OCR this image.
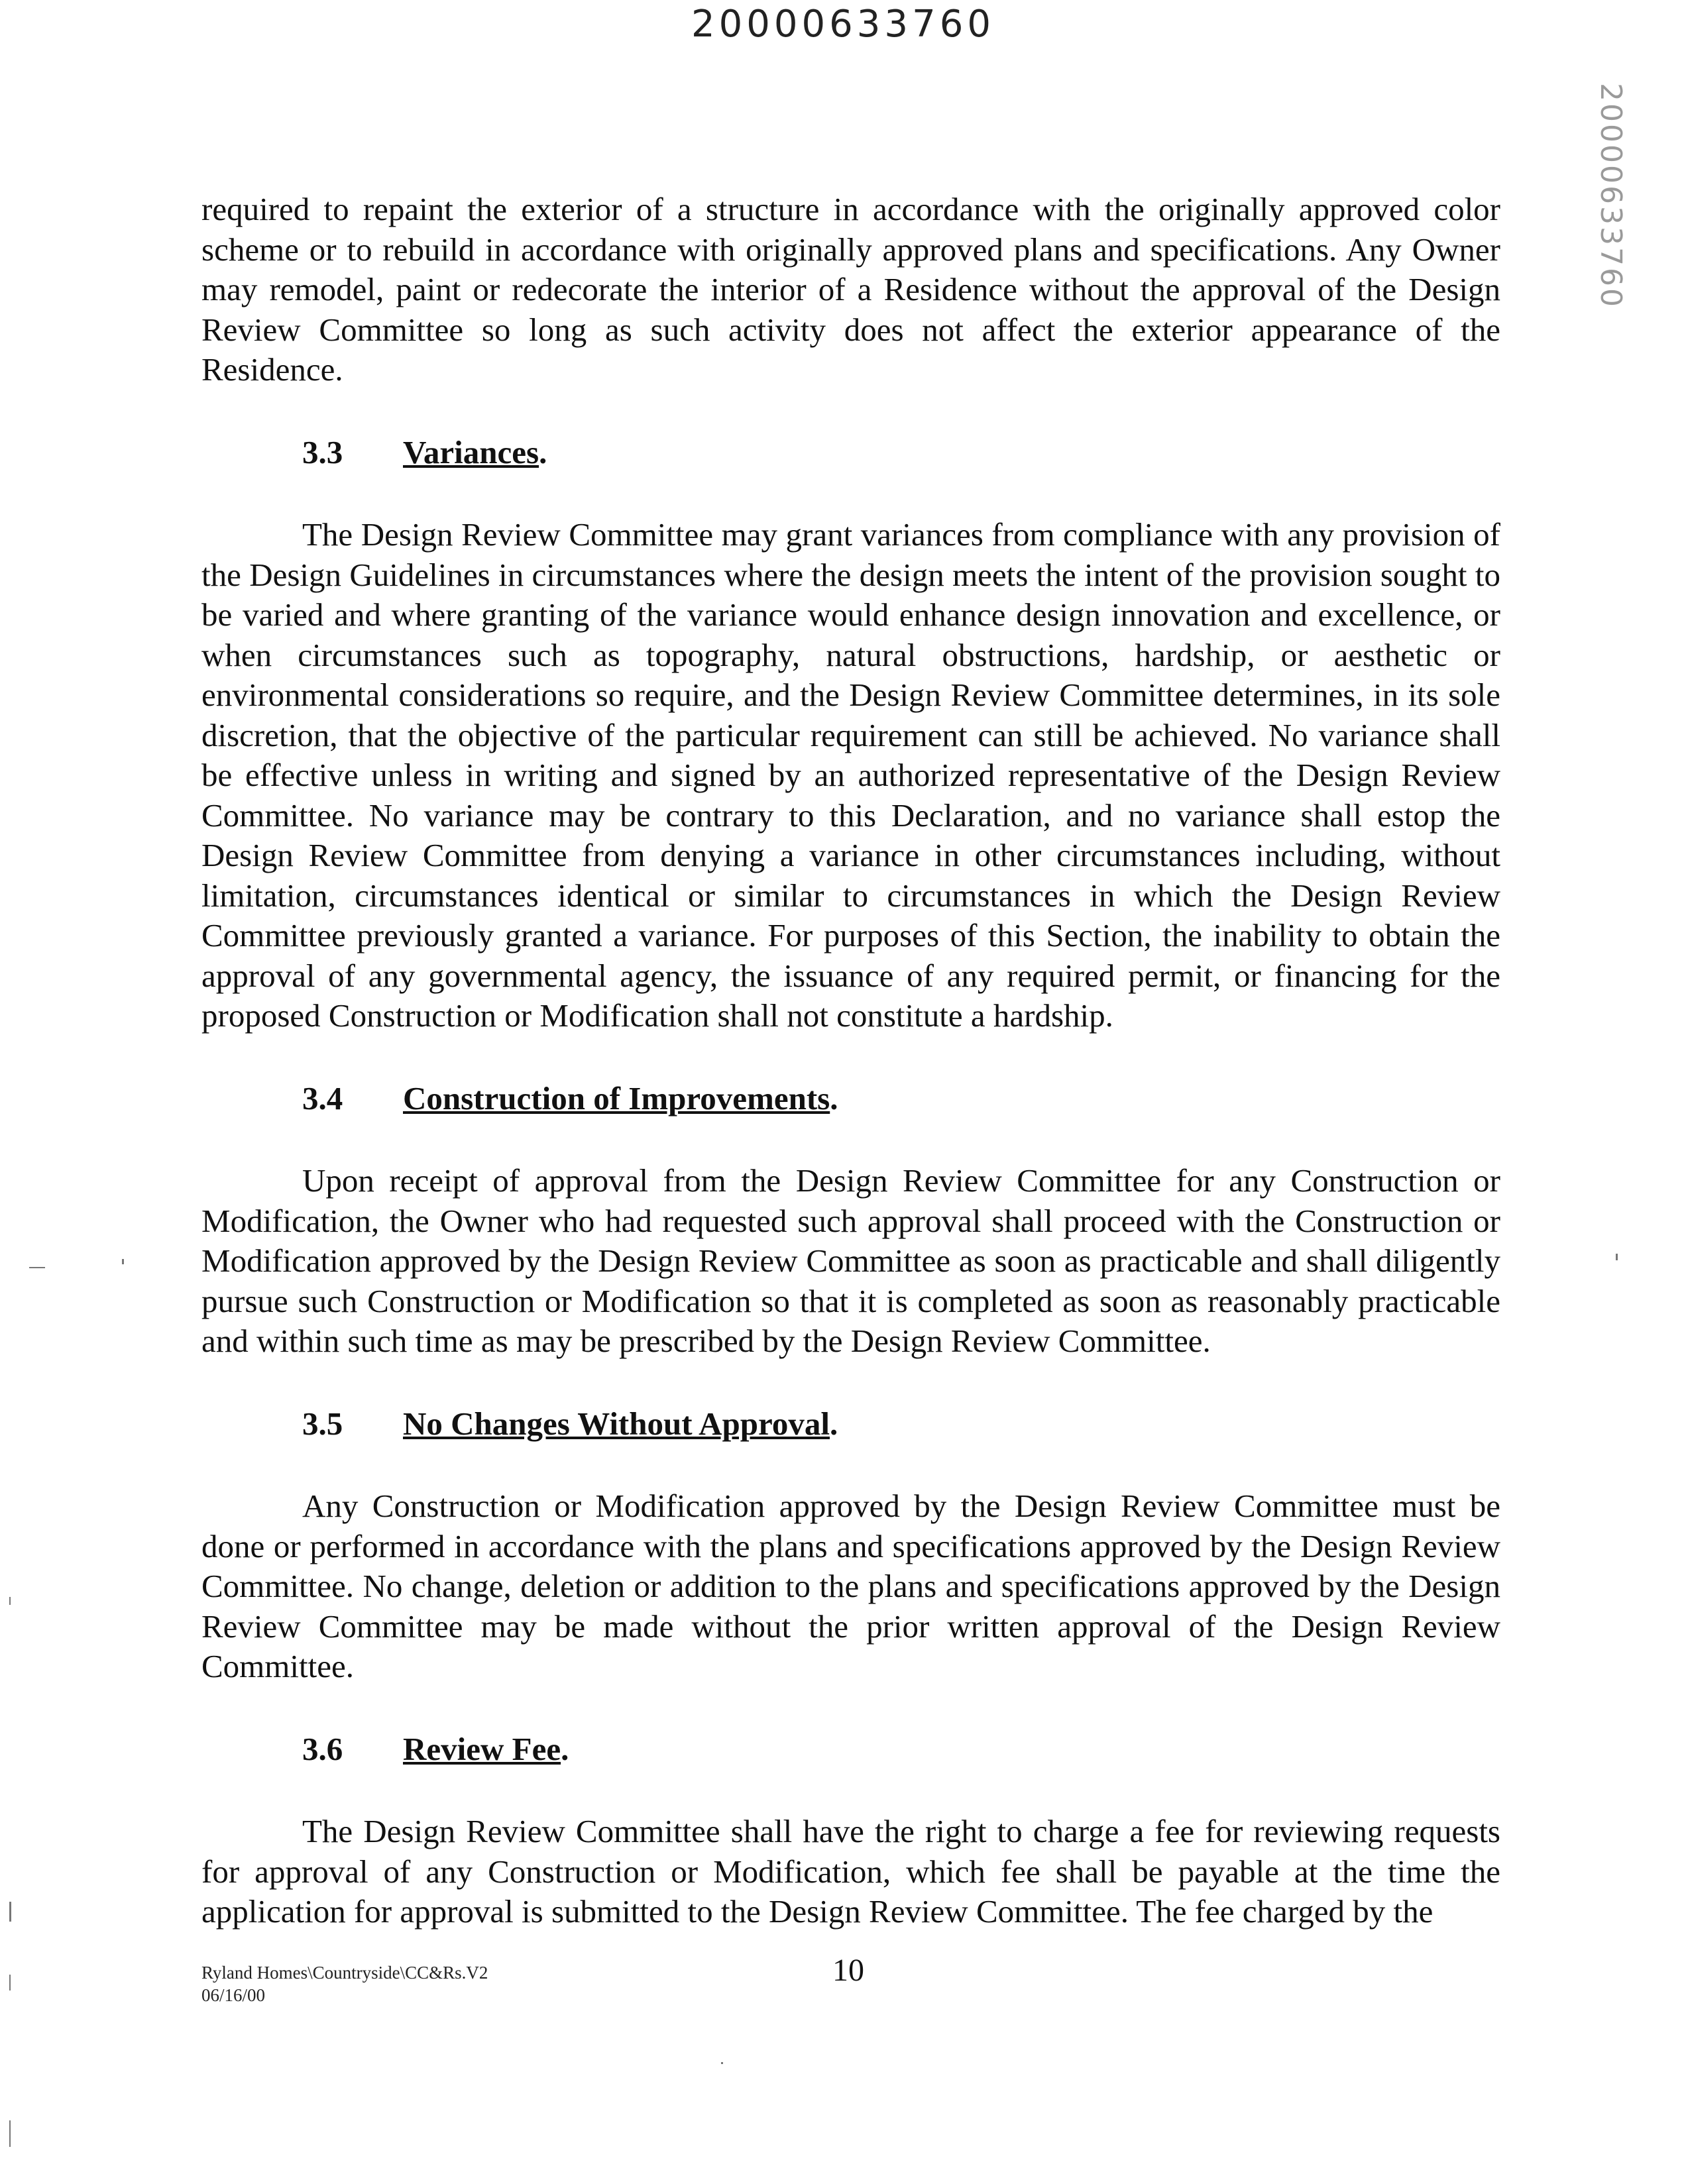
20000633760
20000633760

required to repaint the exterior of a structure in accordance with the originally approved color scheme or to rebuild in accordance with originally approved plans and specifications. Any Owner may remodel, paint or redecorate the interior of a Residence without the approval of the Design Review Committee so long as such activity does not affect the exterior appearance of the Residence.

3.3 Variances.

The Design Review Committee may grant variances from compliance with any provision of the Design Guidelines in circumstances where the design meets the intent of the provision sought to be varied and where granting of the variance would enhance design innovation and excellence, or when circumstances such as topography, natural obstructions, hardship, or aesthetic or environmental considerations so require, and the Design Review Committee determines, in its sole discretion, that the objective of the particular requirement can still be achieved. No variance shall be effective unless in writing and signed by an authorized representative of the Design Review Committee. No variance may be contrary to this Declaration, and no variance shall estop the Design Review Committee from denying a variance in other circumstances including, without limitation, circumstances identical or similar to circumstances in which the Design Review Committee previously granted a variance. For purposes of this Section, the inability to obtain the approval of any governmental agency, the issuance of any required permit, or financing for the proposed Construction or Modification shall not constitute a hardship.

3.4 Construction of Improvements.

Upon receipt of approval from the Design Review Committee for any Construction or Modification, the Owner who had requested such approval shall proceed with the Construction or Modification approved by the Design Review Committee as soon as practicable and shall diligently pursue such Construction or Modification so that it is completed as soon as reasonably practicable and within such time as may be prescribed by the Design Review Committee.

3.5 No Changes Without Approval.

Any Construction or Modification approved by the Design Review Committee must be done or performed in accordance with the plans and specifications approved by the Design Review Committee. No change, deletion or addition to the plans and specifications approved by the Design Review Committee may be made without the prior written approval of the Design Review Committee.

3.6 Review Fee.

The Design Review Committee shall have the right to charge a fee for reviewing requests for approval of any Construction or Modification, which fee shall be payable at the time the application for approval is submitted to the Design Review Committee. The fee charged by the

Ryland Homes\Countryside\CC&Rs.V2
06/16/00
10
